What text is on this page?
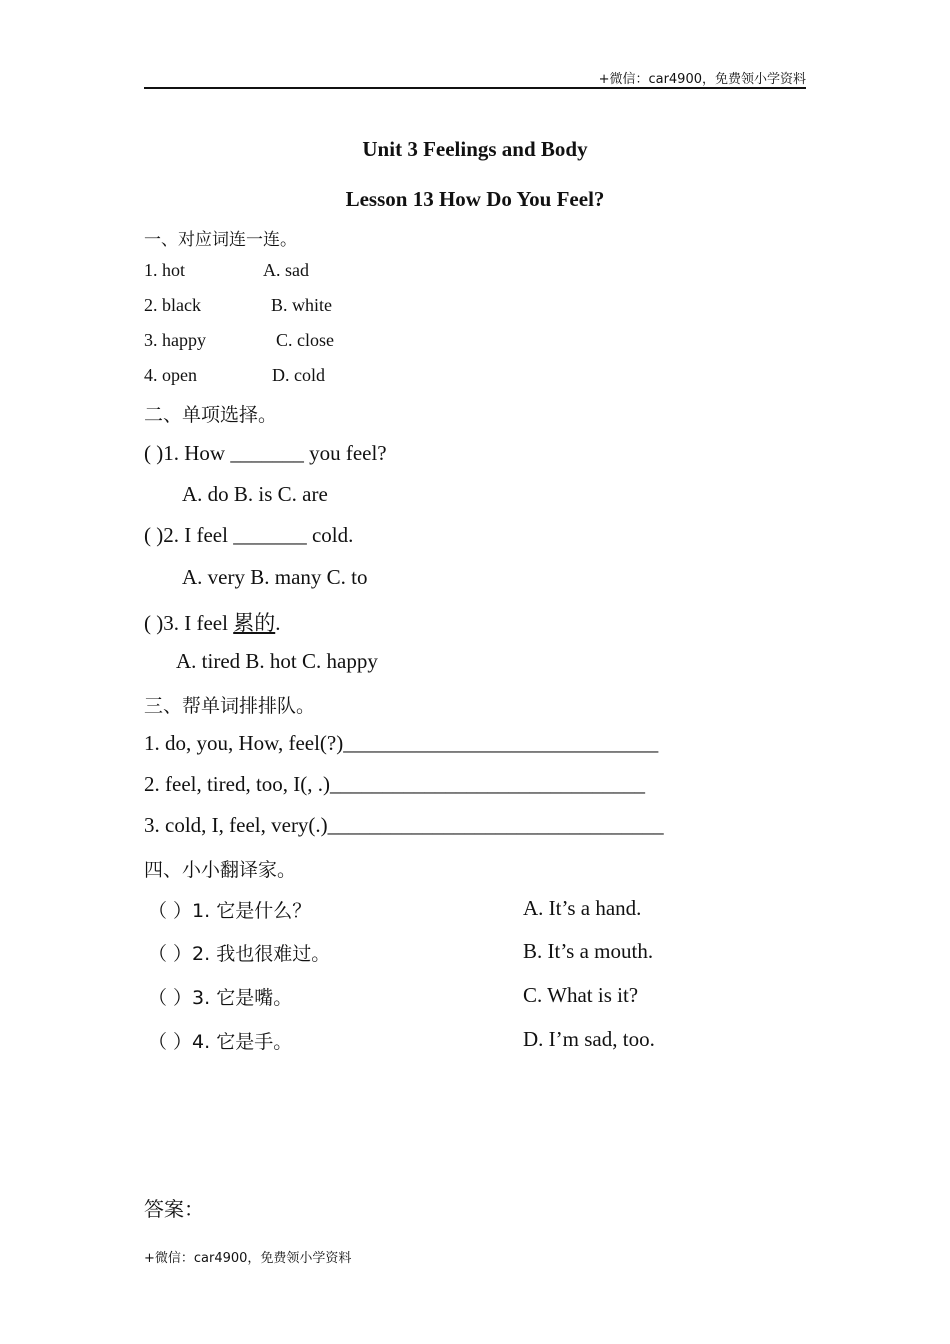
+微信：car4900，免费领小学资料
Unit 3 Feelings and Body
Lesson 13 How Do You Feel?
一、对应词连一连。
1. hot	A. sad
2. black	B. white
3. happy	C. close
4. open	D. cold
二、单项选择。
( )1. How _______ you feel?
A. do B. is C. are
( )2. I feel _______ cold.
A. very B. many C. to
( )3. I feel 累的.
A. tired B. hot C. happy
三、帮单词排排队。
1. do, you, How, feel(?)______________________________
2. feel, tired, too, I(, .)______________________________
3. cold, I, feel, very(.)________________________________
四、小小翻译家。
（ ）1. 它是什么？	A. It’s a hand.
（ ）2. 我也很难过。	B. It’s a mouth.
（ ）3. 它是嘴。	C. What is it?
（ ）4. 它是手。	D. I’m sad, too.
答案：
+微信：car4900，免费领小学资料
